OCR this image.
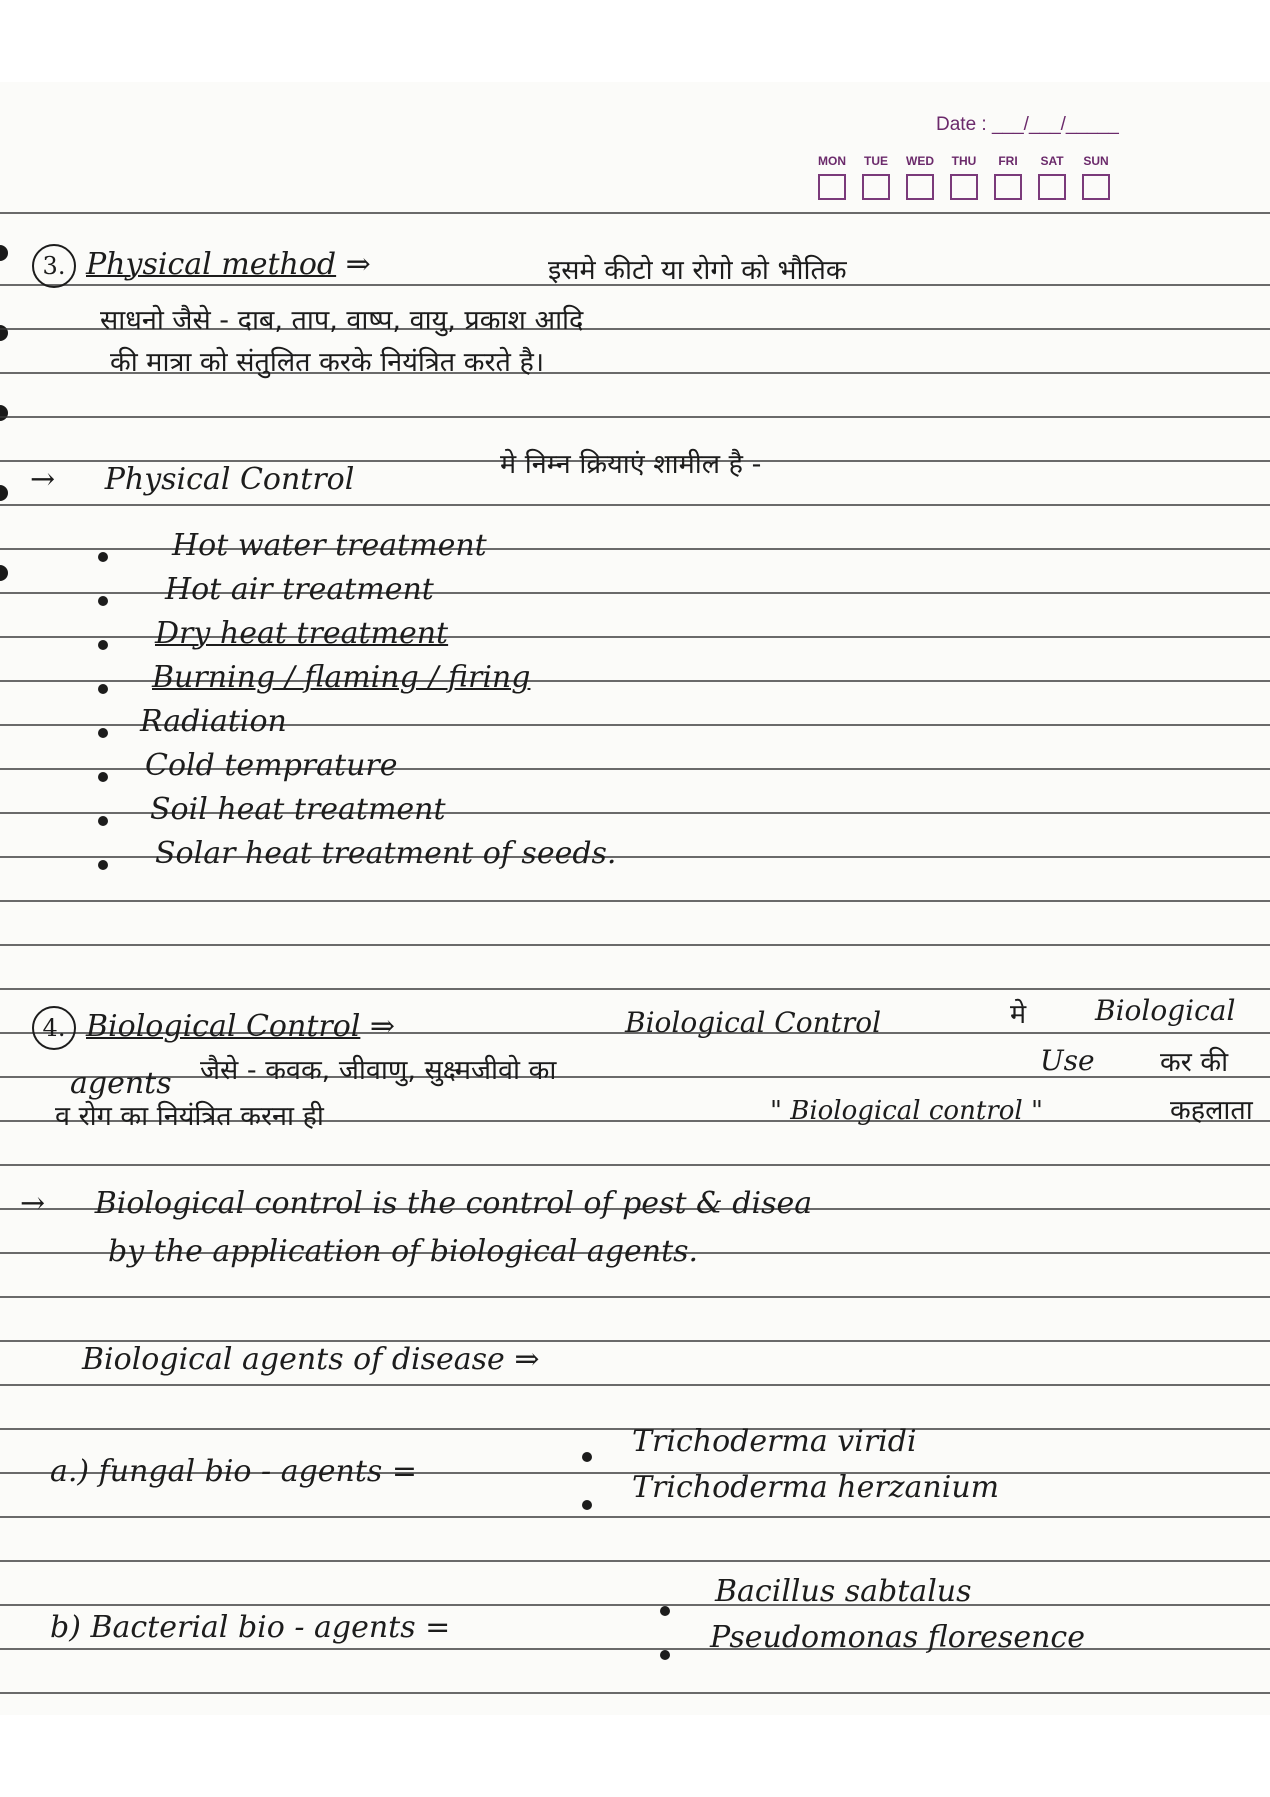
Date : ___/___/_____
MON	TUE	WED	THU	FRI	SAT	SUN
3. Physical method ⇒	इसमे कीटो या रोगो को भौतिक
साधनो जैसे - दाब, ताप, वाष्प, वायु, प्रकाश आदि
की मात्रा को संतुलित करके नियंत्रित करते है।
→ Physical Control	मे निम्न क्रियाएं शामील है -
Hot water treatment
Hot air treatment
Dry heat treatment
Burning / flaming / firing
Radiation
Cold temprature
Soil heat treatment
Solar heat treatment of seeds.
4. Biological Control ⇒	Biological Control	मे Biological
agents जैसे - कवक, जीवाणु, सुक्ष्मजीवो का	Use कर की
व रोग का नियंत्रित करना ही	" Biological control "	कहलाता
→ Biological control is the control of pest & disea
by the application of biological agents.
Biological agents of disease ⇒
a.) fungal bio - agents =
Trichoderma viridi
Trichoderma herzanium
b) Bacterial bio - agents =
Bacillus sabtalus
Pseudomonas floresence
